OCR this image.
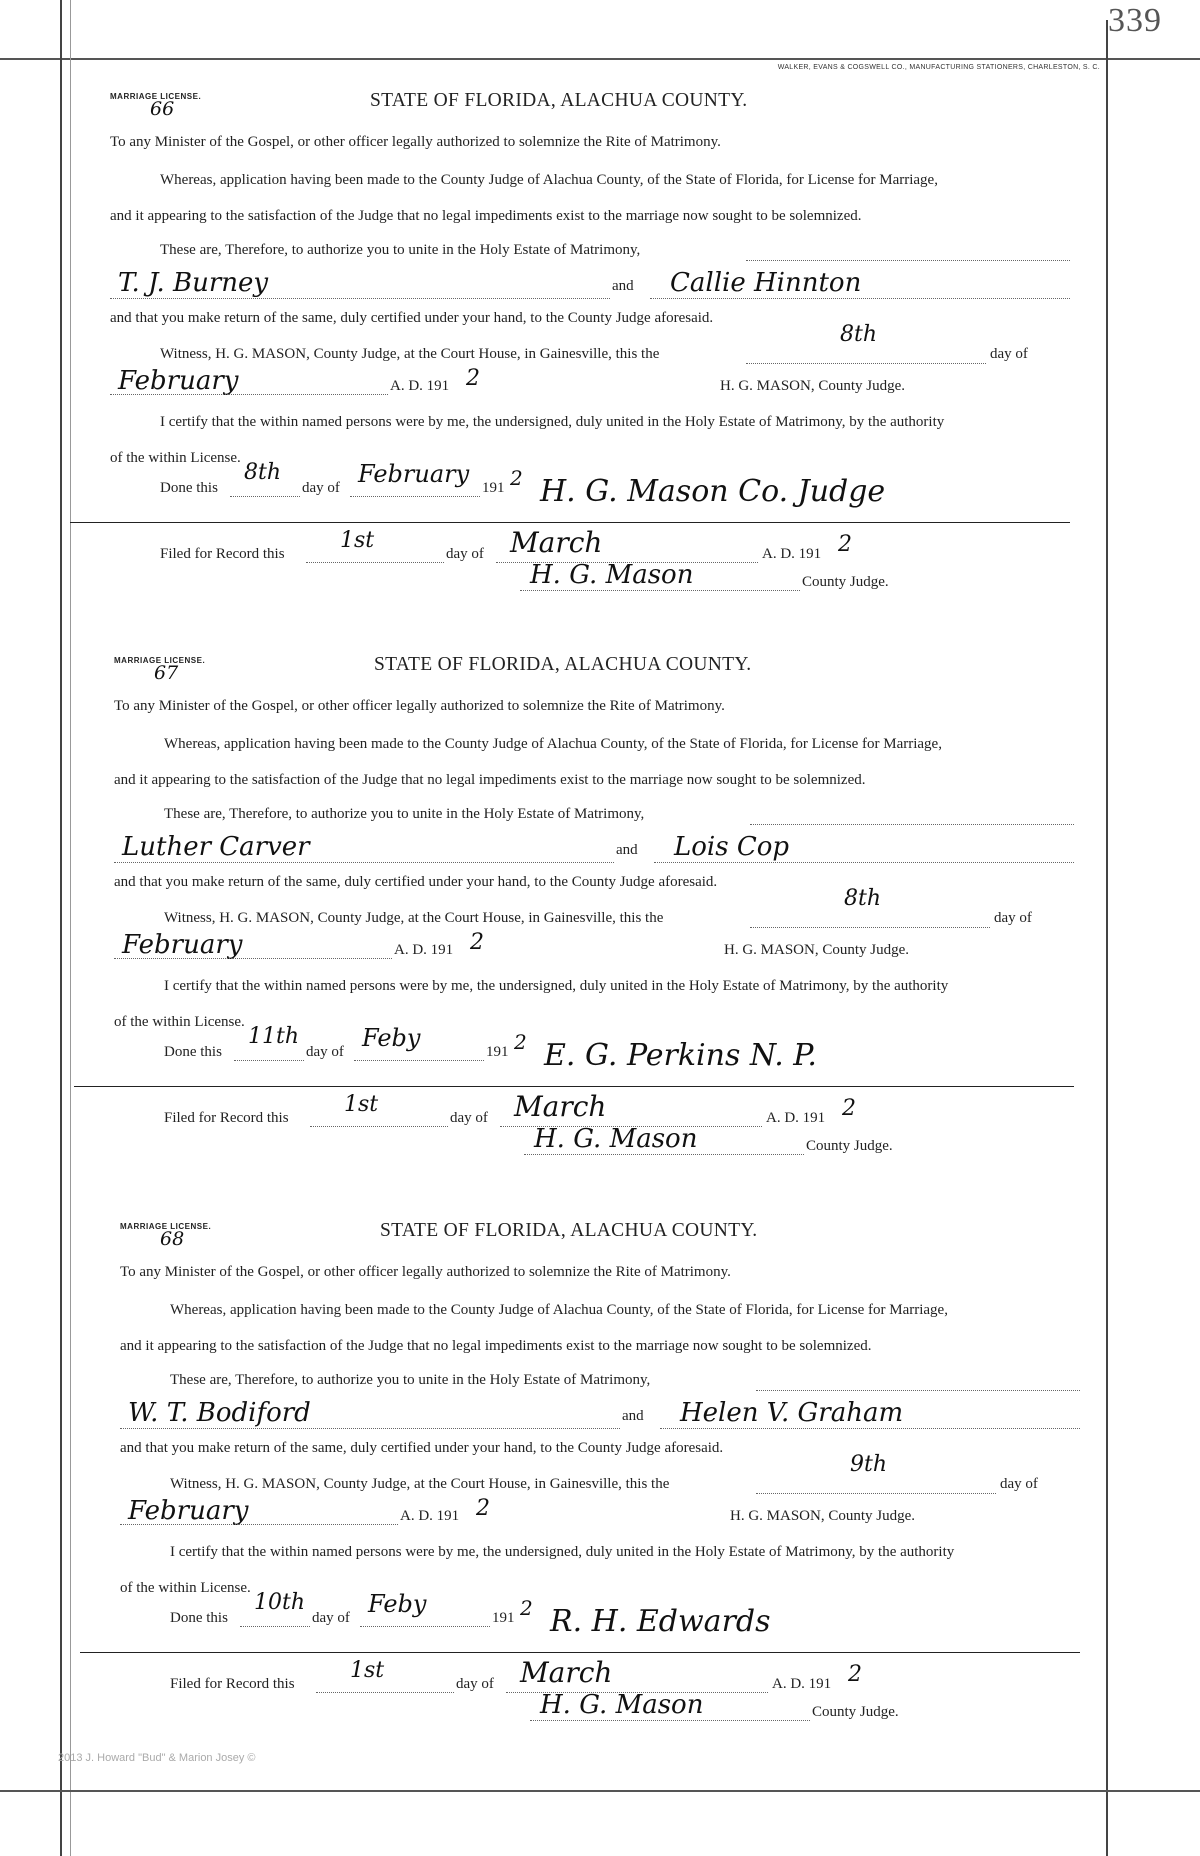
339
WALKER, EVANS & COGSWELL CO., MANUFACTURING STATIONERS, CHARLESTON, S. C.
MARRIAGE LICENSE.
66	STATE OF FLORIDA, ALACHUA COUNTY.
To any Minister of the Gospel, or other officer legally authorized to solemnize the Rite of Matrimony.
Whereas, application having been made to the County Judge of Alachua County, of the State of Florida, for License for Marriage,
and it appearing to the satisfaction of the Judge that no legal impediments exist to the marriage now sought to be solemnized.
These are, Therefore, to authorize you to unite in the Holy Estate of Matrimony,
T. J. Burney	and Callie Hinnton
and that you make return of the same, duly certified under your hand, to the County Judge aforesaid.
Witness, H. G. MASON, County Judge, at the Court House, in Gainesville, this the
8th
day of
February	A. D. 191 2	H. G. MASON, County Judge.
I certify that the within named persons were by me, the undersigned, duly united in the Holy Estate of Matrimony, by the authority
of the within License.
Done this
8th
day of February 191 2 H. G. Mason Co. Judge
Filed for Record this
1st
day of March	A. D. 191 2
H. G. Mason	County Judge.
MARRIAGE LICENSE.
67	STATE OF FLORIDA, ALACHUA COUNTY.
To any Minister of the Gospel, or other officer legally authorized to solemnize the Rite of Matrimony.
Whereas, application having been made to the County Judge of Alachua County, of the State of Florida, for License for Marriage,
and it appearing to the satisfaction of the Judge that no legal impediments exist to the marriage now sought to be solemnized.
These are, Therefore, to authorize you to unite in the Holy Estate of Matrimony,
Luther Carver	and Lois Cop
and that you make return of the same, duly certified under your hand, to the County Judge aforesaid.
Witness, H. G. MASON, County Judge, at the Court House, in Gainesville, this the
8th
day of
February	A. D. 191 2	H. G. MASON, County Judge.
I certify that the within named persons were by me, the undersigned, duly united in the Holy Estate of Matrimony, by the authority
of the within License.
Done this
11th
day of Feby	191 2 E. G. Perkins N. P.
Filed for Record this
1st
day of March	A. D. 191 2
H. G. Mason	County Judge.
MARRIAGE LICENSE.
68	STATE OF FLORIDA, ALACHUA COUNTY.
To any Minister of the Gospel, or other officer legally authorized to solemnize the Rite of Matrimony.
Whereas, application having been made to the County Judge of Alachua County, of the State of Florida, for License for Marriage,
and it appearing to the satisfaction of the Judge that no legal impediments exist to the marriage now sought to be solemnized.
These are, Therefore, to authorize you to unite in the Holy Estate of Matrimony,
W. T. Bodiford	and Helen V. Graham
and that you make return of the same, duly certified under your hand, to the County Judge aforesaid.
Witness, H. G. MASON, County Judge, at the Court House, in Gainesville, this the
9th
day of
February	A. D. 191 2	H. G. MASON, County Judge.
I certify that the within named persons were by me, the undersigned, duly united in the Holy Estate of Matrimony, by the authority
of the within License.
Done this
10th
day of Feby	191 2 R. H. Edwards
Filed for Record this
1st
day of March	A. D. 191 2
H. G. Mason	County Judge.
2013 J. Howard "Bud" & Marion Josey ©
